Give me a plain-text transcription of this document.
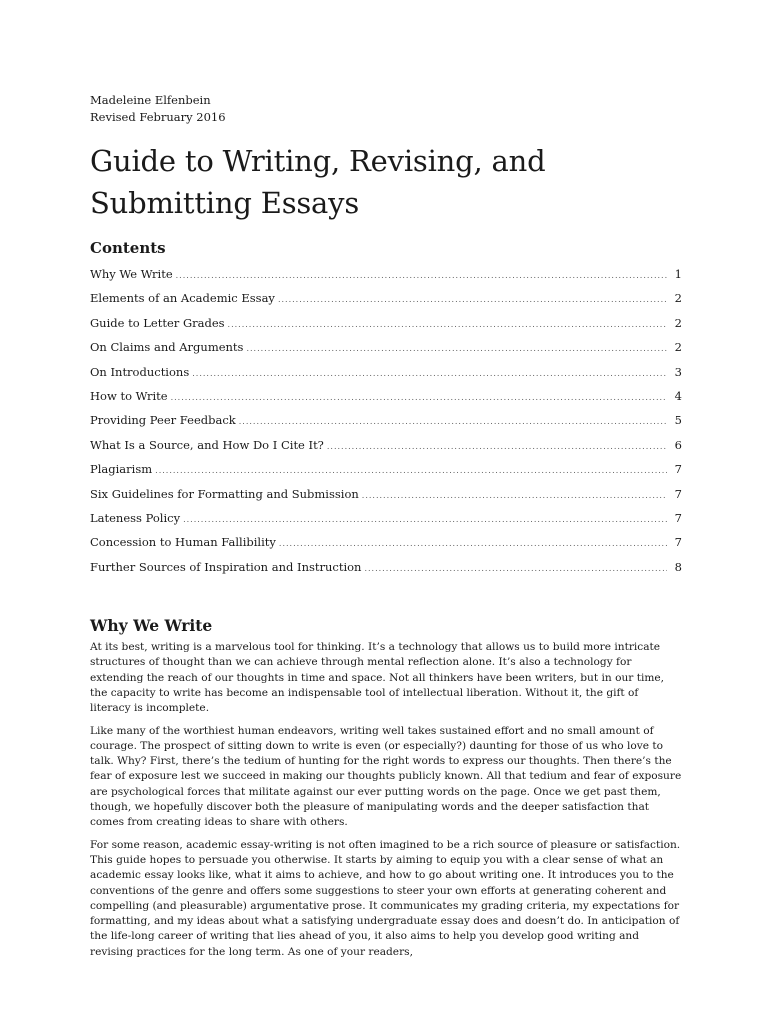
Madeleine Elfenbein

Revised February 2016

Guide to Writing, Revising, and Submitting Essays
Contents
Why We Write .....	1
Elements of an Academic Essay .....	2
Guide to Letter Grades .....	2
On Claims and Arguments .....	2
On Introductions .....	3
How to Write .....	4
Providing Peer Feedback .....	5
What Is a Source, and How Do I Cite It? .....	6
Plagiarism .....	7
Six Guidelines for Formatting and Submission .....	7
Lateness Policy .....	7
Concession to Human Fallibility .....	7
Further Sources of Inspiration and Instruction .....	8
Why We Write

At its best, writing is a marvelous tool for thinking. It’s a technology that allows us to build more intricate structures of thought than we can achieve through mental reflection alone. It’s also a technology for extending the reach of our thoughts in time and space. Not all thinkers have been writers, but in our time, the capacity to write has become an indispensable tool of intellectual liberation. Without it, the gift of literacy is incomplete.

Like many of the worthiest human endeavors, writing well takes sustained effort and no small amount of courage. The prospect of sitting down to write is even (or especially?) daunting for those of us who love to talk. Why? First, there’s the tedium of hunting for the right words to express our thoughts. Then there’s the fear of exposure lest we succeed in making our thoughts publicly known. All that tedium and fear of exposure are psychological forces that militate against our ever putting words on the page. Once we get past them, though, we hopefully discover both the pleasure of manipulating words and the deeper satisfaction that comes from creating ideas to share with others.

For some reason, academic essay-writing is not often imagined to be a rich source of pleasure or satisfaction. This guide hopes to persuade you otherwise. It starts by aiming to equip you with a clear sense of what an academic essay looks like, what it aims to achieve, and how to go about writing one. It introduces you to the conventions of the genre and offers some suggestions to steer your own efforts at generating coherent and compelling (and pleasurable) argumentative prose. It communicates my grading criteria, my expectations for formatting, and my ideas about what a satisfying undergraduate essay does and doesn’t do. In anticipation of the life-long career of writing that lies ahead of you, it also aims to help you develop good writing and revising practices for the long term. As one of your readers,
